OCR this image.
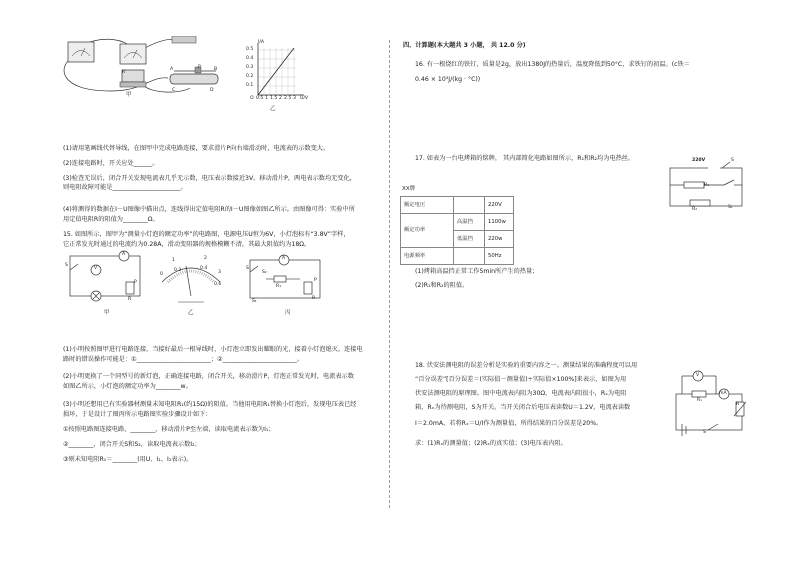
甲
R
A	P	B
C	D
I/A
0.5
0.4
0.3
0.2
0.1
O 0.5 1 1.5 2 2.5 3 U/V
乙
(1)请用笔画线代替导线，在图甲中完成电路连接，要求滑片P向右端滑动时，电流表的示数变大。
(2)连接电路时，开关应处______。
(3)检查无误后，闭合开关发现电流表几乎无示数，电压表示数接近3V。移动滑片P，两电表示数均无变化，
则电阻故障可能是______________________。
(4)将测得的数据在I－U图像中描出点，连线得出定值电阻R的I－U图像如图乙所示。由图像可得：实验中所
用定值电阻R的阻值为________Ω。
15. 如图所示，图甲为“测量小灯泡的额定功率”的电路图，电源电压U恒为6V，小灯泡标有“3.8V”字样，
它正常发光时通过的电流约为0.28A，滑动变阻器的规格模糊不清，其最大阻值约为18Ω。
S
V
A
P
R
甲
0
1	2
3
0.2	0.4
0.6
乙
S
A
S₂
R₁
P
R
S₁
丙
(1)小明按照图甲进行电路连接，当接好最后一根导线时，小灯泡立即发出耀眼的光，接着小灯泡熄灭。连接电
路时的错误操作可能是：①________________________；②________________________。
(2)小明更换了一个同型号的新灯泡，正确连接电路，闭合开关，移动滑片P，灯泡正常发光时，电流表示数
如图乙所示，小灯泡的额定功率为________w。
(3)小明还想用已有实验器材测量未知电阻R₁(约15Ω)的阻值。当他用电阻R₁替换小灯泡后，发现电压表已经
损坏，于是设计了图丙所示电路图实验步骤设计如下：
①按照电路图连接电路，________，移动滑片P至左端，读取电流表示数为I₁；
②________，闭合开关S和S₂，读取电流表示数I₂；
③则未知电阻R₁＝________(用U、I₁、I₂表示)。
四、计算题(本大题共 3 小题， 共 12.0 分)
16. 有一根烧红的铁钉，质量是2g，放出1380J的热量后，温度降低到50°C，求铁钉的初温。(c铁＝
0.46 × 10³J/(kg · °C))
17. 如表为一台电烤箱的铭牌， 其内部简化电路如图所示，R₁和R₂均为电热丝。
XX牌
额定电压		220V
额定功率	高温挡	1100w
	低温挡	220w
电源频率		50Hz
(1)烤箱高温挡正常工作5min所产生的热量；
(2)R₁和R₂的阻值。
220V	S
R₁
R₂	S₁
18. 伏安法测电阻的误差分析是实验的重要内容之一。测量结果的准确程度可以用
“百分误差”[百分误差＝(实际值－测量值)÷实际值×100%]来表示，如图为用
伏安法测电阻的原理图。图中电流表内阻为30Ω，电流表内阻很小，Rₓ为电阻
箱，Rₓ为待测电阻，S为开关。当开关闭合后电压表读数U＝1.2V，电流表读数
I＝2.0mA，若将Rₓ＝U/I作为测量值，所得结果的百分误差是20%。
求：(1)Rₓ的测量值；(2)Rₓ的真实值；(3)电压表内阻。
V
mA
Rₓ
R
S
